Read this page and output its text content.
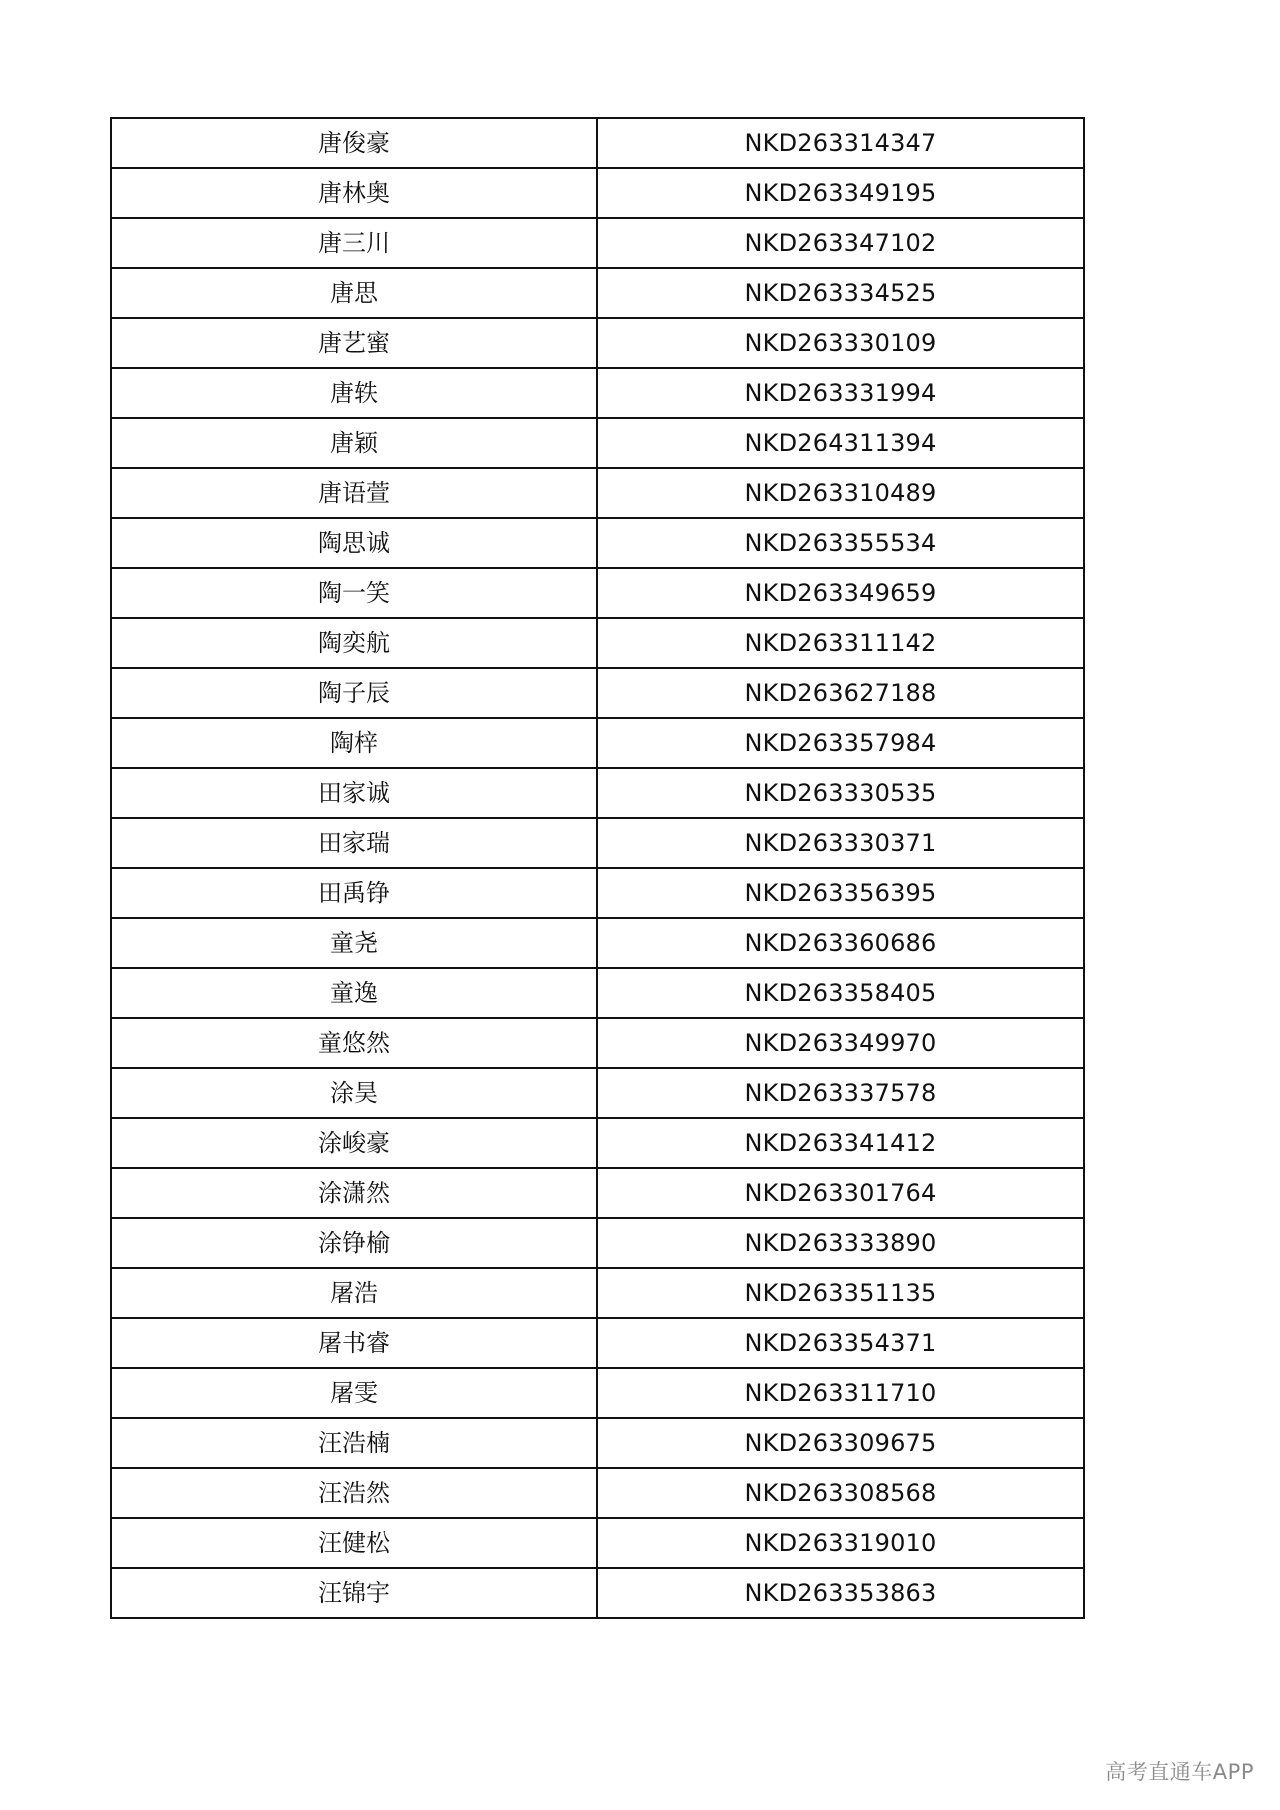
唐俊豪	NKD263314347
唐林奥	NKD263349195
唐三川	NKD263347102
唐思	NKD263334525
唐艺蜜	NKD263330109
唐轶	NKD263331994
唐颖	NKD264311394
唐语萱	NKD263310489
陶思诚	NKD263355534
陶一笑	NKD263349659
陶奕航	NKD263311142
陶子辰	NKD263627188
陶梓	NKD263357984
田家诚	NKD263330535
田家瑞	NKD263330371
田禹铮	NKD263356395
童尧	NKD263360686
童逸	NKD263358405
童悠然	NKD263349970
涂昊	NKD263337578
涂峻豪	NKD263341412
涂潇然	NKD263301764
涂铮榆	NKD263333890
屠浩	NKD263351135
屠书睿	NKD263354371
屠雯	NKD263311710
汪浩楠	NKD263309675
汪浩然	NKD263308568
汪健松	NKD263319010
汪锦宇	NKD263353863
高考直通车APP
